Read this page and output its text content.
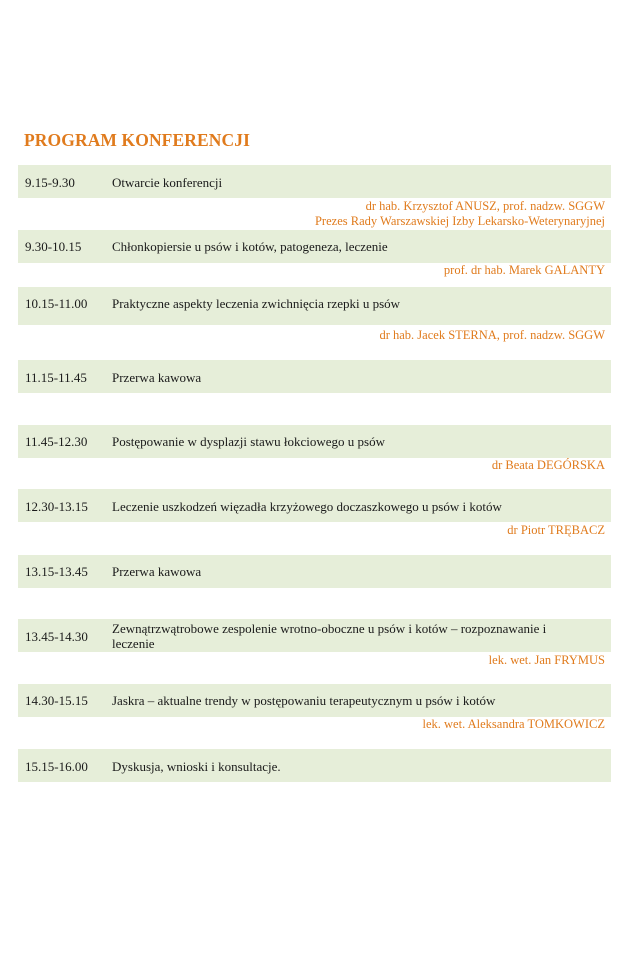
PROGRAM KONFERENCJI
9.15-9.30	Otwarcie konferencji
dr hab. Krzysztof ANUSZ, prof. nadzw. SGGW
Prezes Rady Warszawskiej Izby Lekarsko-Weterynaryjnej
9.30-10.15 Chłonkopiersie u psów i kotów, patogeneza, leczenie
prof. dr hab. Marek GALANTY
10.15-11.00 Praktyczne aspekty leczenia zwichnięcia rzepki u psów
dr hab. Jacek STERNA, prof. nadzw. SGGW
11.15-11.45 Przerwa kawowa
11.45-12.30 Postępowanie w dysplazji stawu łokciowego u psów
dr Beata DEGÓRSKA
12.30-13.15 Leczenie uszkodzeń więzadła krzyżowego doczaszkowego u psów i kotów
dr Piotr TRĘBACZ
13.15-13.45 Przerwa kawowa
13.45-14.30
Zewnątrzwątrobowe zespolenie wrotno-oboczne u psów i kotów – rozpoznawanie i leczenie
lek. wet. Jan FRYMUS
14.30-15.15 Jaskra – aktualne trendy w postępowaniu terapeutycznym u psów i kotów
lek. wet. Aleksandra TOMKOWICZ
15.15-16.00 Dyskusja, wnioski i konsultacje.
